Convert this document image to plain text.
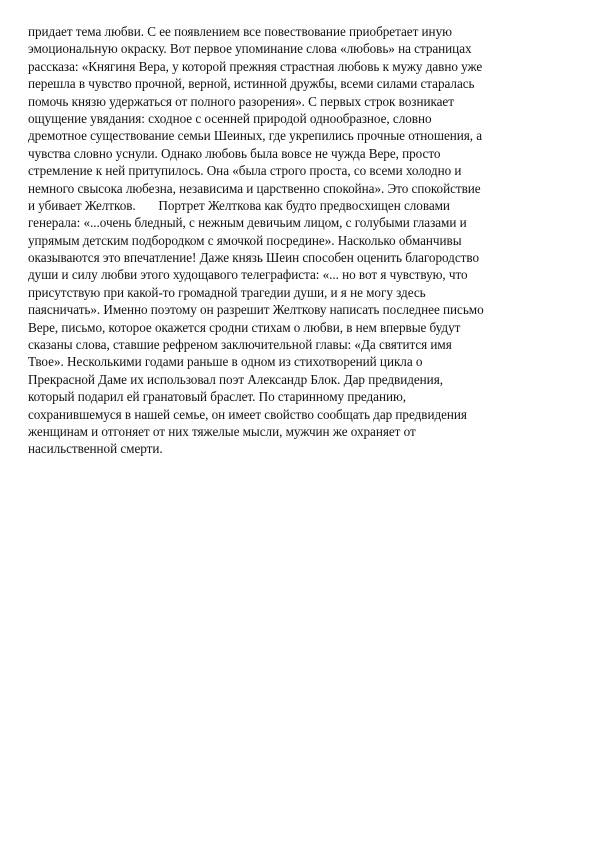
придает тема любви. С ее появлением все повествование приобретает иную
эмоциональную окраску. Вот первое упоминание слова «любовь» на страницах
рассказа: «Княгиня Вера, у которой прежняя страстная любовь к мужу давно уже
перешла в чувство прочной, верной, истинной дружбы, всеми силами старалась
помочь князю удержаться от полного разорения». С первых строк возникает
ощущение увядания: сходное с осенней природой однообразное, словно
дремотное существование семьи Шеиных, где укрепились прочные отношения, а
чувства словно уснули. Однако любовь была вовсе не чужда Вере, просто
стремление к ней притупилось. Она «была строго проста, со всеми холодно и
немного свысока любезна, независима и царственно спокойна». Это спокойствие
и убивает Желтков.       Портрет Желткова как будто предвосхищен словами
генерала: «...очень бледный, с нежным девичьим лицом, с голубыми глазами и
упрямым детским подбородком с ямочкой посредине». Насколько обманчивы
оказываются это впечатление! Даже князь Шеин способен оценить благородство
души и силу любви этого худощавого телеграфиста: «... но вот я чувствую, что
присутствую при какой-то громадной трагедии души, и я не могу здесь
паясничать». Именно поэтому он разрешит Желткову написать последнее письмо
Вере, письмо, которое окажется сродни стихам о любви, в нем впервые будут
сказаны слова, ставшие рефреном заключительной главы: «Да святится имя
Твое». Несколькими годами раньше в одном из стихотворений цикла о
Прекрасной Даме их использовал поэт Александр Блок. Дар предвидения,
который подарил ей гранатовый браслет. По старинному преданию,
сохранившемуся в нашей семье, он имеет свойство сообщать дар предвидения
женщинам и отгоняет от них тяжелые мысли, мужчин же охраняет от
насильственной смерти.
